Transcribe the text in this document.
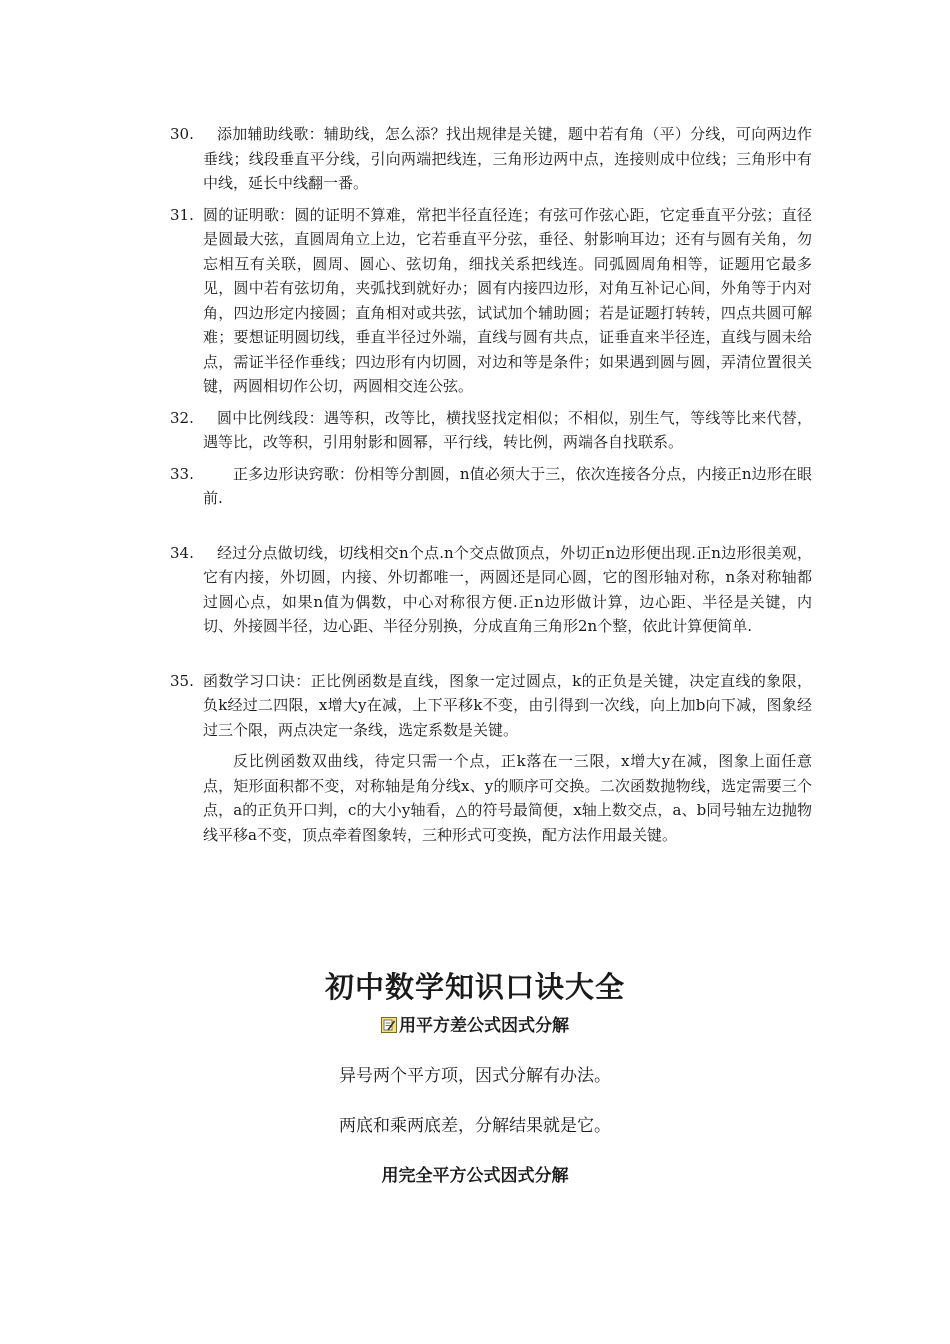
30.	添加辅助线歌：辅助线，怎么添？找出规律是关键，题中若有角（平）分线，可向两边作垂线；线段垂直平分线，引向两端把线连，三角形边两中点，连接则成中位线；三角形中有中线，延长中线翻一番。
31. 圆的证明歌：圆的证明不算难，常把半径直径连；有弦可作弦心距，它定垂直平分弦；直径是圆最大弦，直圆周角立上边，它若垂直平分弦，垂径、射影响耳边；还有与圆有关角，勿忘相互有关联，圆周、圆心、弦切角，细找关系把线连。同弧圆周角相等，证题用它最多见，圆中若有弦切角，夹弧找到就好办；圆有内接四边形，对角互补记心间，外角等于内对角，四边形定内接圆；直角相对或共弦，试试加个辅助圆；若是证题打转转，四点共圆可解难；要想证明圆切线，垂直半径过外端，直线与圆有共点，证垂直来半径连，直线与圆未给点，需证半径作垂线；四边形有内切圆，对边和等是条件；如果遇到圆与圆，弄清位置很关键，两圆相切作公切，两圆相交连公弦。
32.	圆中比例线段：遇等积，改等比，横找竖找定相似；不相似，别生气，等线等比来代替，遇等比，改等积，引用射影和圆幂，平行线，转比例，两端各自找联系。
33.	正多边形诀窍歌：份相等分割圆，n值必须大于三，依次连接各分点，内接正n边形在眼前.
34.	经过分点做切线，切线相交n个点.n个交点做顶点，外切正n边形便出现.正n边形很美观，它有内接，外切圆，内接、外切都唯一，两圆还是同心圆，它的图形轴对称，n条对称轴都过圆心点，如果n值为偶数，中心对称很方便.正n边形做计算，边心距、半径是关键，内切、外接圆半径，边心距、半径分别换，分成直角三角形2n个整，依此计算便简单.
35. 函数学习口诀：正比例函数是直线，图象一定过圆点，k的正负是关键，决定直线的象限，负k经过二四限，x增大y在减，上下平移k不变，由引得到一次线，向上加b向下减，图象经过三个限，两点决定一条线，选定系数是关键。
反比例函数双曲线，待定只需一个点，正k落在一三限，x增大y在减，图象上面任意点，矩形面积都不变，对称轴是角分线x、y的顺序可交换。二次函数抛物线，选定需要三个点，a的正负开口判，c的大小y轴看，△的符号最简便，x轴上数交点，a、b同号轴左边抛物线平移a不变，顶点牵着图象转，三种形式可变换，配方法作用最关键。
初中数学知识口诀大全
用平方差公式因式分解
异号两个平方项，因式分解有办法。
两底和乘两底差，分解结果就是它。
用完全平方公式因式分解
